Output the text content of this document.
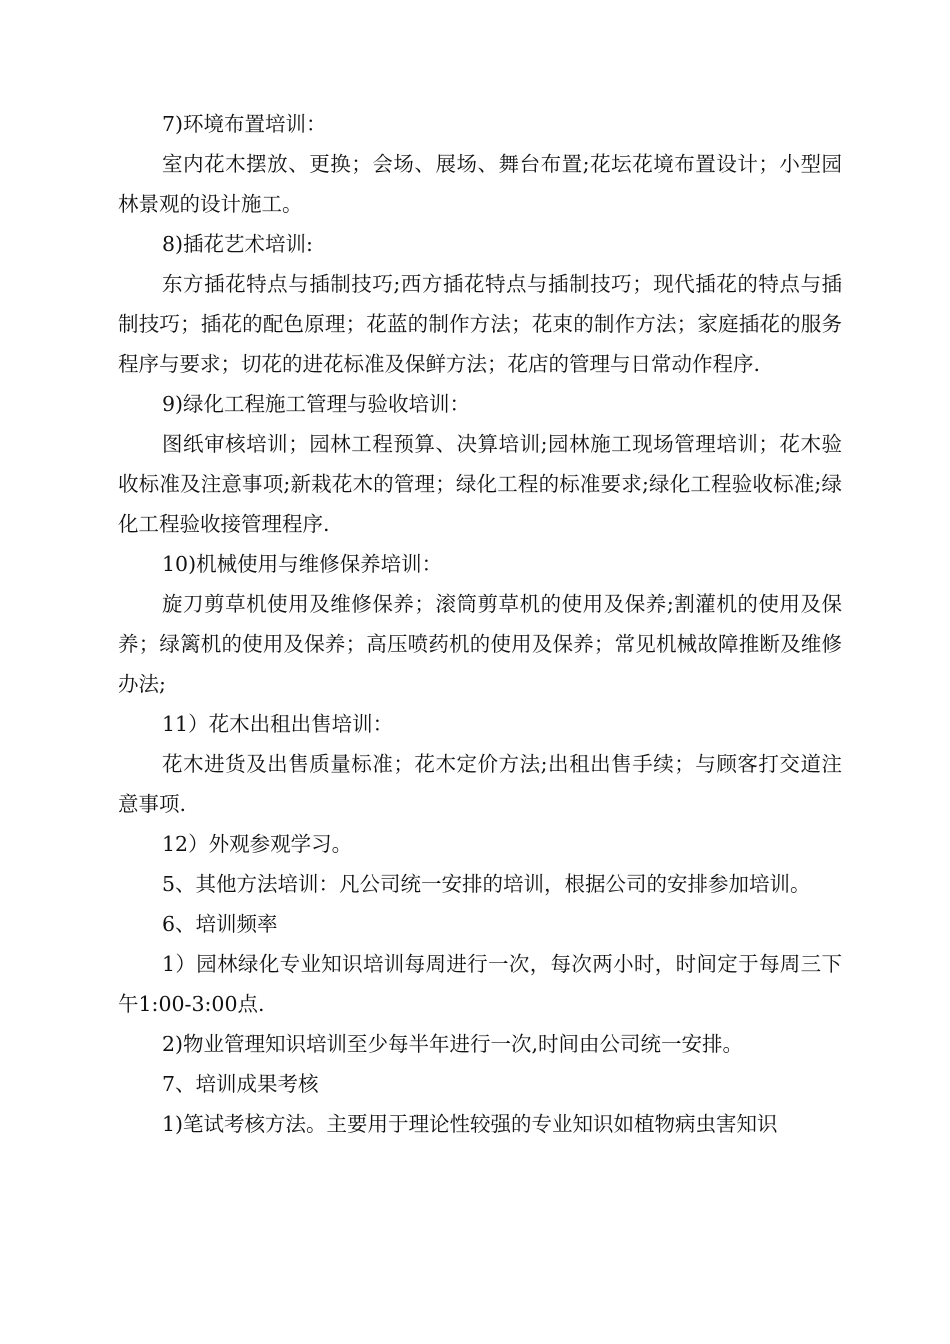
7)环境布置培训：

室内花木摆放、更换；会场、展场、舞台布置;花坛花境布置设计；小型园林景观的设计施工。

8)插花艺术培训:

东方插花特点与插制技巧;西方插花特点与插制技巧；现代插花的特点与插制技巧；插花的配色原理；花蓝的制作方法；花束的制作方法；家庭插花的服务程序与要求；切花的进花标准及保鲜方法；花店的管理与日常动作程序.

9)绿化工程施工管理与验收培训：

图纸审核培训；园林工程预算、决算培训;园林施工现场管理培训；花木验收标准及注意事项;新栽花木的管理；绿化工程的标准要求;绿化工程验收标准;绿化工程验收接管理程序.

10)机械使用与维修保养培训：

旋刀剪草机使用及维修保养；滚筒剪草机的使用及保养;割灌机的使用及保养；绿篱机的使用及保养；高压喷药机的使用及保养；常见机械故障推断及维修办法;

11）花木出租出售培训：

花木进货及出售质量标准；花木定价方法;出租出售手续；与顾客打交道注意事项.

12）外观参观学习。

5、其他方法培训：凡公司统一安排的培训，根据公司的安排参加培训。

6、培训频率

1）园林绿化专业知识培训每周进行一次，每次两小时，时间定于每周三下午1:00-3:00点.

2)物业管理知识培训至少每半年进行一次,时间由公司统一安排。

7、培训成果考核

1)笔试考核方法。主要用于理论性较强的专业知识如植物病虫害知识
